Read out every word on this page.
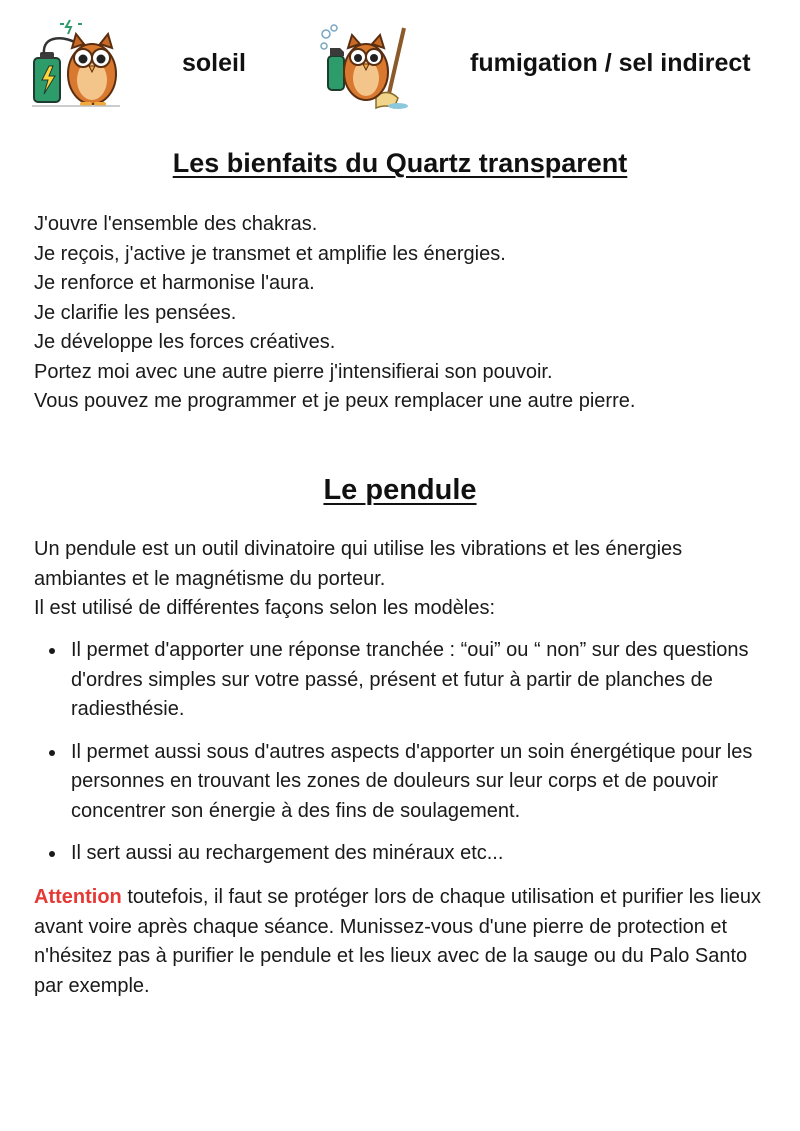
soleil	fumigation / sel indirect
Les bienfaits du Quartz transparent
J'ouvre l'ensemble des chakras.
Je reçois, j'active je transmet et amplifie les énergies.
Je renforce et harmonise l'aura.
Je clarifie les pensées.
Je développe les forces créatives.
Portez moi avec une autre pierre j'intensifierai son pouvoir.
Vous pouvez me programmer et je peux remplacer une autre pierre.
Le pendule

Un pendule est un outil divinatoire qui utilise les vibrations et les énergies ambiantes et le magnétisme du porteur.

Il est utilisé de différentes façons selon les modèles:

Il permet d'apporter une réponse tranchée : “oui” ou “ non” sur des questions d'ordres simples sur votre passé, présent et futur à partir de planches de radiesthésie.
Il permet aussi sous d'autres aspects d'apporter un soin énergétique pour les personnes en trouvant les zones de douleurs sur leur corps et de pouvoir concentrer son énergie à des fins de soulagement.
Il sert aussi au rechargement des minéraux etc...

Attention toutefois, il faut se protéger lors de chaque utilisation et purifier les lieux avant voire après chaque séance. Munissez-vous d'une pierre de protection et n'hésitez pas à purifier le pendule et les lieux avec de la sauge ou du Palo Santo par exemple.
